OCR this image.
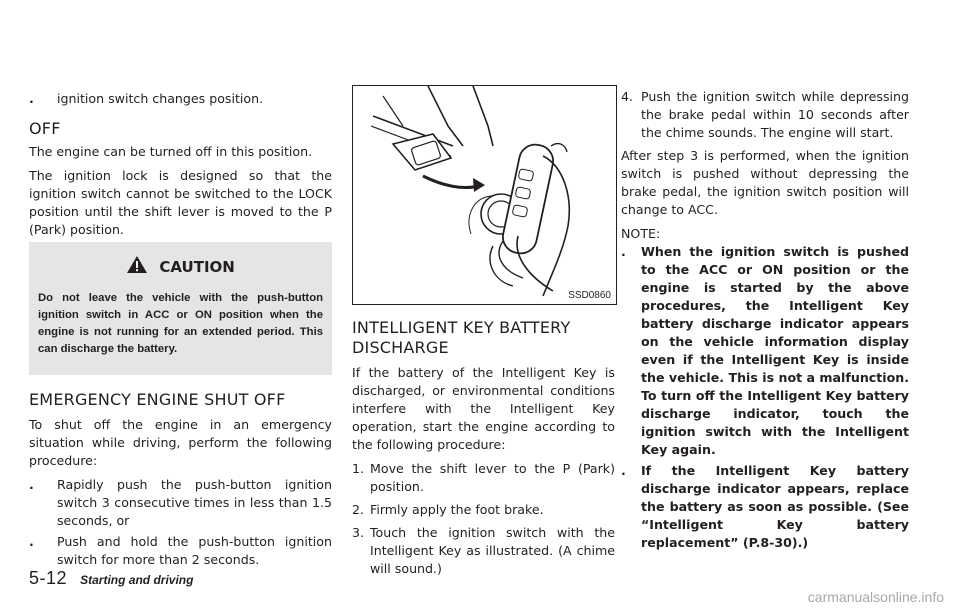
. ignition switch changes position.
OFF

The engine can be turned off in this position.

The ignition lock is designed so that the ignition switch cannot be switched to the LOCK position until the shift lever is moved to the P (Park) position.

CAUTION

Do not leave the vehicle with the push-button ignition switch in ACC or ON position when the engine is not running for an extended period. This can discharge the battery.

EMERGENCY ENGINE SHUT OFF

To shut off the engine in an emergency situation while driving, perform the following procedure:

. Rapidly push the push-button ignition switch 3 consecutive times in less than 1.5 seconds, or
. Push and hold the push-button ignition switch for more than 2 seconds.
SSD0860
INTELLIGENT KEY BATTERY DISCHARGE

If the battery of the Intelligent Key is discharged, or environmental conditions interfere with the Intelligent Key operation, start the engine according to the following procedure:

1. Move the shift lever to the P (Park) position.
2. Firmly apply the foot brake.
3. Touch the ignition switch with the Intelligent Key as illustrated. (A chime will sound.)
4. Push the ignition switch while depressing the brake pedal within 10 seconds after the chime sounds. The engine will start.

After step 3 is performed, when the ignition switch is pushed without depressing the brake pedal, the ignition switch position will change to ACC.

NOTE:

. When the ignition switch is pushed to the ACC or ON position or the engine is started by the above procedures, the Intelligent Key battery discharge indicator appears on the vehicle information display even if the Intelligent Key is inside the vehicle. This is not a malfunction. To turn off the Intelligent Key battery discharge indicator, touch the ignition switch with the Intelligent Key again.
. If the Intelligent Key battery discharge indicator appears, replace the battery as soon as possible. (See “Intelligent Key battery replacement” (P.8-30).)
5-12 Starting and driving
carmanualsonline.info
